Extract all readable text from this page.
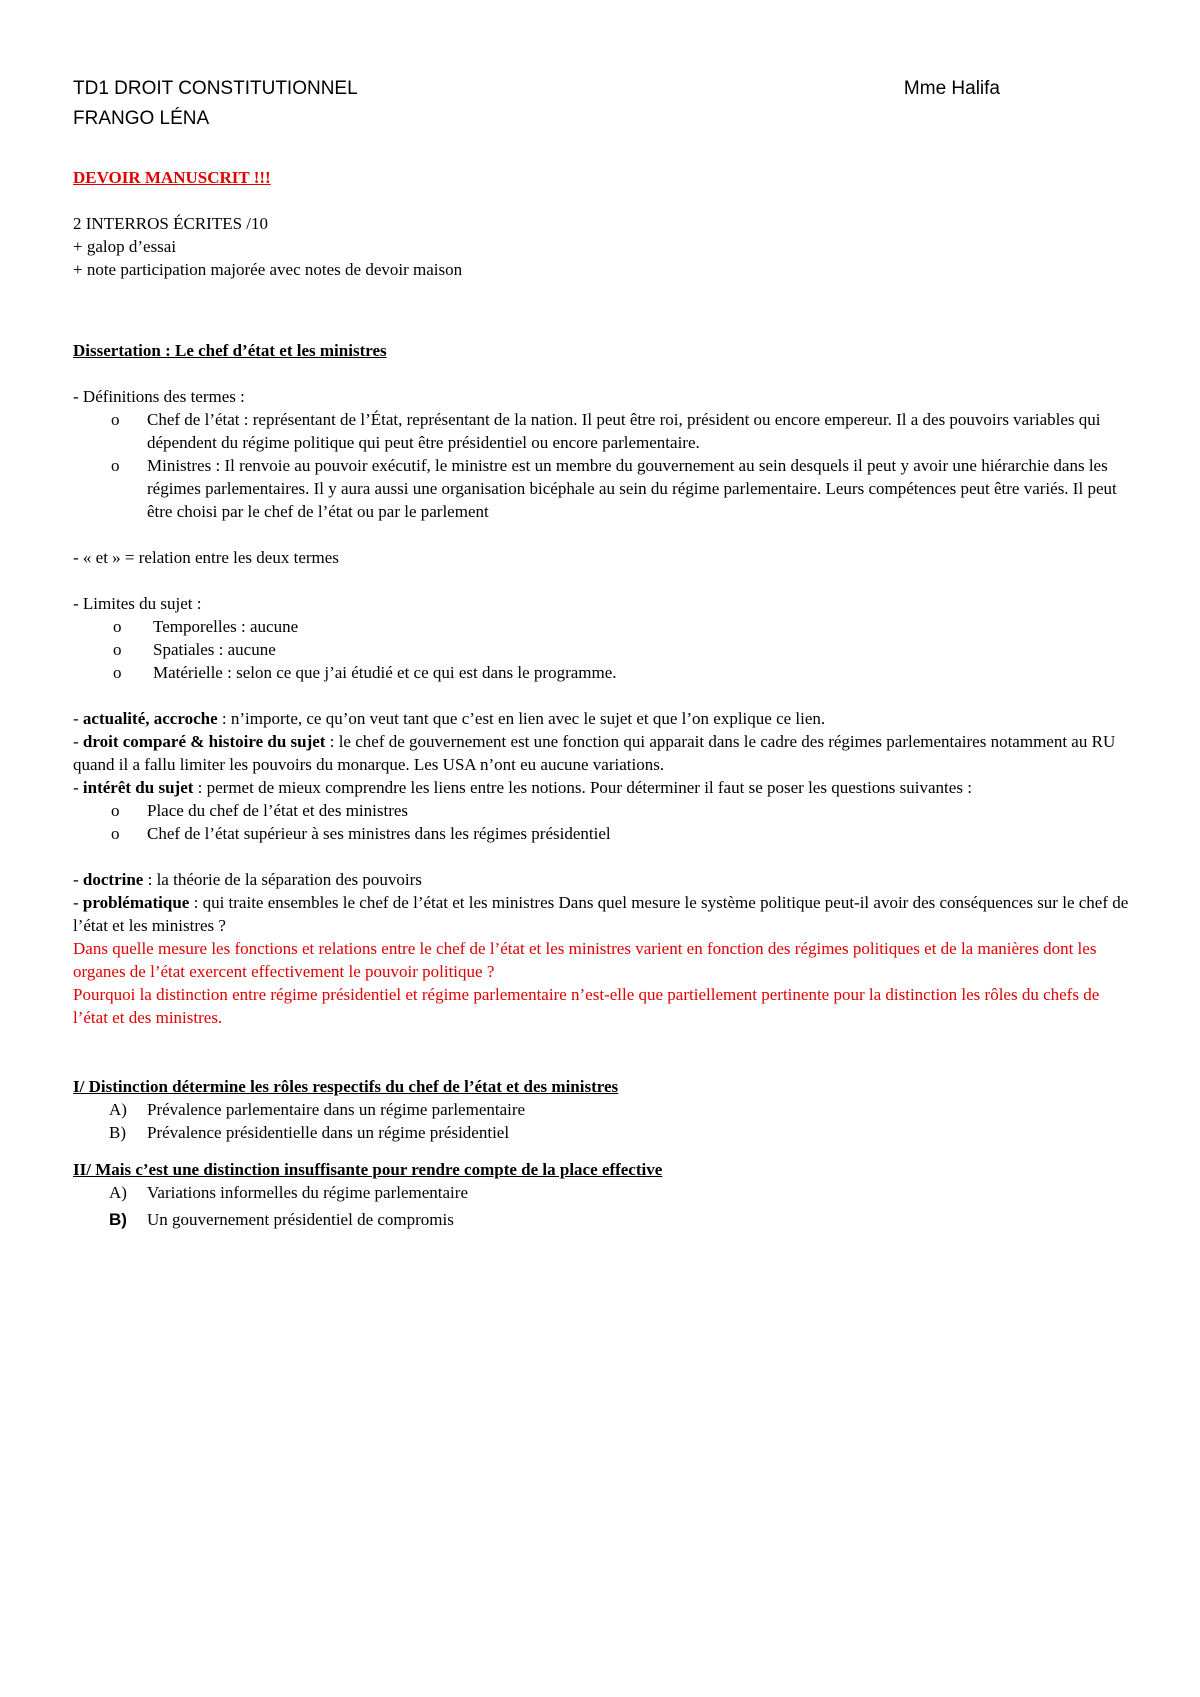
TD1 DROIT CONSTITUTIONNEL	Mme Halifa
FRANGO LÉNA
DEVOIR MANUSCRIT !!!
2 INTERROS ÉCRITES /10
+ galop d’essai
+ note participation majorée avec notes de devoir maison
Dissertation : Le chef d’état et les ministres
- Définitions des termes :
o Chef de l’état : représentant de l’État, représentant de la nation. Il peut être roi, président ou encore empereur. Il a des pouvoirs variables qui dépendent du régime politique qui peut être présidentiel ou encore parlementaire.
o Ministres : Il renvoie au pouvoir exécutif, le ministre est un membre du gouvernement au sein desquels il peut y avoir une hiérarchie dans les régimes parlementaires. Il y aura aussi une organisation bicéphale au sein du régime parlementaire. Leurs compétences peut être variés. Il peut être choisi par le chef de l’état ou par le parlement
- « et » = relation entre les deux termes
- Limites du sujet :
o Temporelles : aucune
o Spatiales : aucune
o Matérielle : selon ce que j’ai étudié et ce qui est dans le programme.
- actualité, accroche : n’importe, ce qu’on veut tant que c’est en lien avec le sujet et que l’on explique ce lien.
- droit comparé & histoire du sujet : le chef de gouvernement est une fonction qui apparait dans le cadre des régimes parlementaires notamment au RU quand il a fallu limiter les pouvoirs du monarque. Les USA n’ont eu aucune variations.
- intérêt du sujet : permet de mieux comprendre les liens entre les notions. Pour déterminer il faut se poser les questions suivantes :
o Place du chef de l’état et des ministres
o Chef de l’état supérieur à ses ministres dans les régimes présidentiel
- doctrine : la théorie de la séparation des pouvoirs
- problématique : qui traite ensembles le chef de l’état et les ministres Dans quel mesure le système politique peut-il avoir des conséquences sur le chef de l’état et les ministres ?
Dans quelle mesure les fonctions et relations entre le chef de l’état et les ministres varient en fonction des régimes politiques et de la manières dont les organes de l’état exercent effectivement le pouvoir politique ?
Pourquoi la distinction entre régime présidentiel et régime parlementaire n’est-elle que partiellement pertinente pour la distinction les rôles du chefs de l’état et des ministres.
I/ Distinction détermine les rôles respectifs du chef de l’état et des ministres
A) Prévalence parlementaire dans un régime parlementaire
B) Prévalence présidentielle dans un régime présidentiel
II/ Mais c’est une distinction insuffisante pour rendre compte de la place effective
A) Variations informelles du régime parlementaire
B) Un gouvernement présidentiel de compromis
